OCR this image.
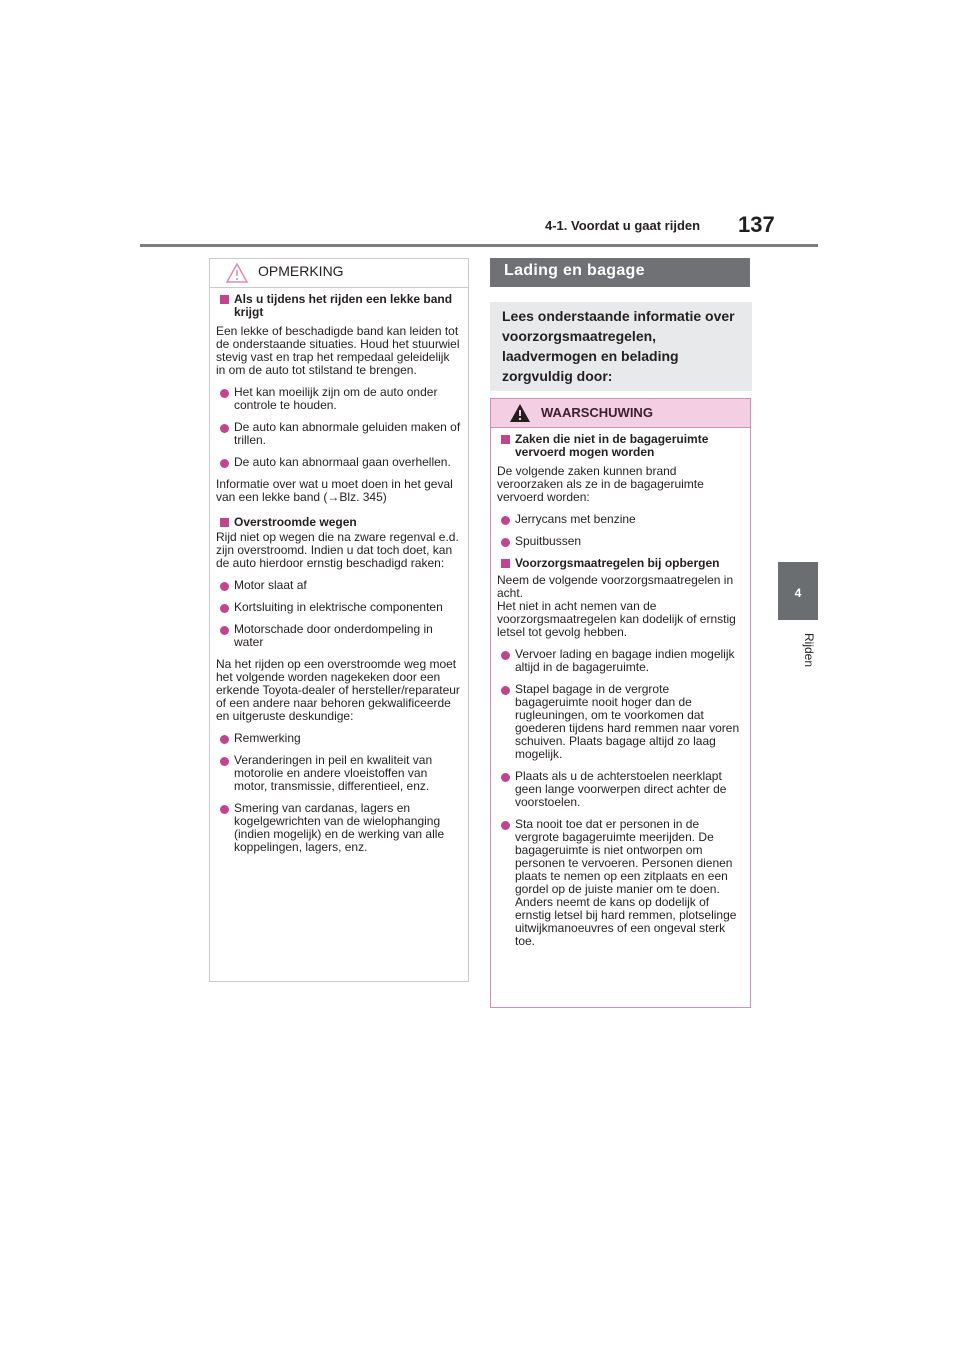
4-1. Voordat u gaat rijden 137
4
Rijden
OPMERKING
Als u tijdens het rijden een lekke band krijgt

Een lekke of beschadigde band kan leiden tot de onderstaande situaties. Houd het stuurwiel stevig vast en trap het rempedaal geleidelijk in om de auto tot stilstand te brengen.

Het kan moeilijk zijn om de auto onder controle te houden.
De auto kan abnormale geluiden maken of trillen.
De auto kan abnormaal gaan overhellen.

Informatie over wat u moet doen in het geval van een lekke band (→Blz. 345)

Overstroomde wegen

Rijd niet op wegen die na zware regenval e.d. zijn overstroomd. Indien u dat toch doet, kan de auto hierdoor ernstig beschadigd raken:

Motor slaat af
Kortsluiting in elektrische componenten
Motorschade door onderdompeling in water

Na het rijden op een overstroomde weg moet het volgende worden nagekeken door een erkende Toyota-dealer of hersteller/reparateur of een andere naar behoren gekwalificeerde en uitgeruste deskundige:

Remwerking
Veranderingen in peil en kwaliteit van motorolie en andere vloeistoffen van motor, transmissie, differentieel, enz.
Smering van cardanas, lagers en kogelgewrichten van de wielophanging (indien mogelijk) en de werking van alle koppelingen, lagers, enz.
Lading en bagage
Lees onderstaande informatie over voorzorgsmaatregelen, laadvermogen en belading zorgvuldig door:
WAARSCHUWING
Zaken die niet in de bagageruimte vervoerd mogen worden

De volgende zaken kunnen brand veroorzaken als ze in de bagageruimte vervoerd worden:

Jerrycans met benzine
Spuitbussen
Voorzorgsmaatregelen bij opbergen

Neem de volgende voorzorgsmaatregelen in acht.
Het niet in acht nemen van de voorzorgsmaatregelen kan dodelijk of ernstig letsel tot gevolg hebben.

Vervoer lading en bagage indien mogelijk altijd in de bagageruimte.
Stapel bagage in de vergrote bagageruimte nooit hoger dan de rugleuningen, om te voorkomen dat goederen tijdens hard remmen naar voren schuiven. Plaats bagage altijd zo laag mogelijk.
Plaats als u de achterstoelen neerklapt geen lange voorwerpen direct achter de voorstoelen.
Sta nooit toe dat er personen in de vergrote bagageruimte meerijden. De bagageruimte is niet ontworpen om personen te vervoeren. Personen dienen plaats te nemen op een zitplaats en een gordel op de juiste manier om te doen. Anders neemt de kans op dodelijk of ernstig letsel bij hard remmen, plotselinge uitwijkmanoeuvres of een ongeval sterk toe.
